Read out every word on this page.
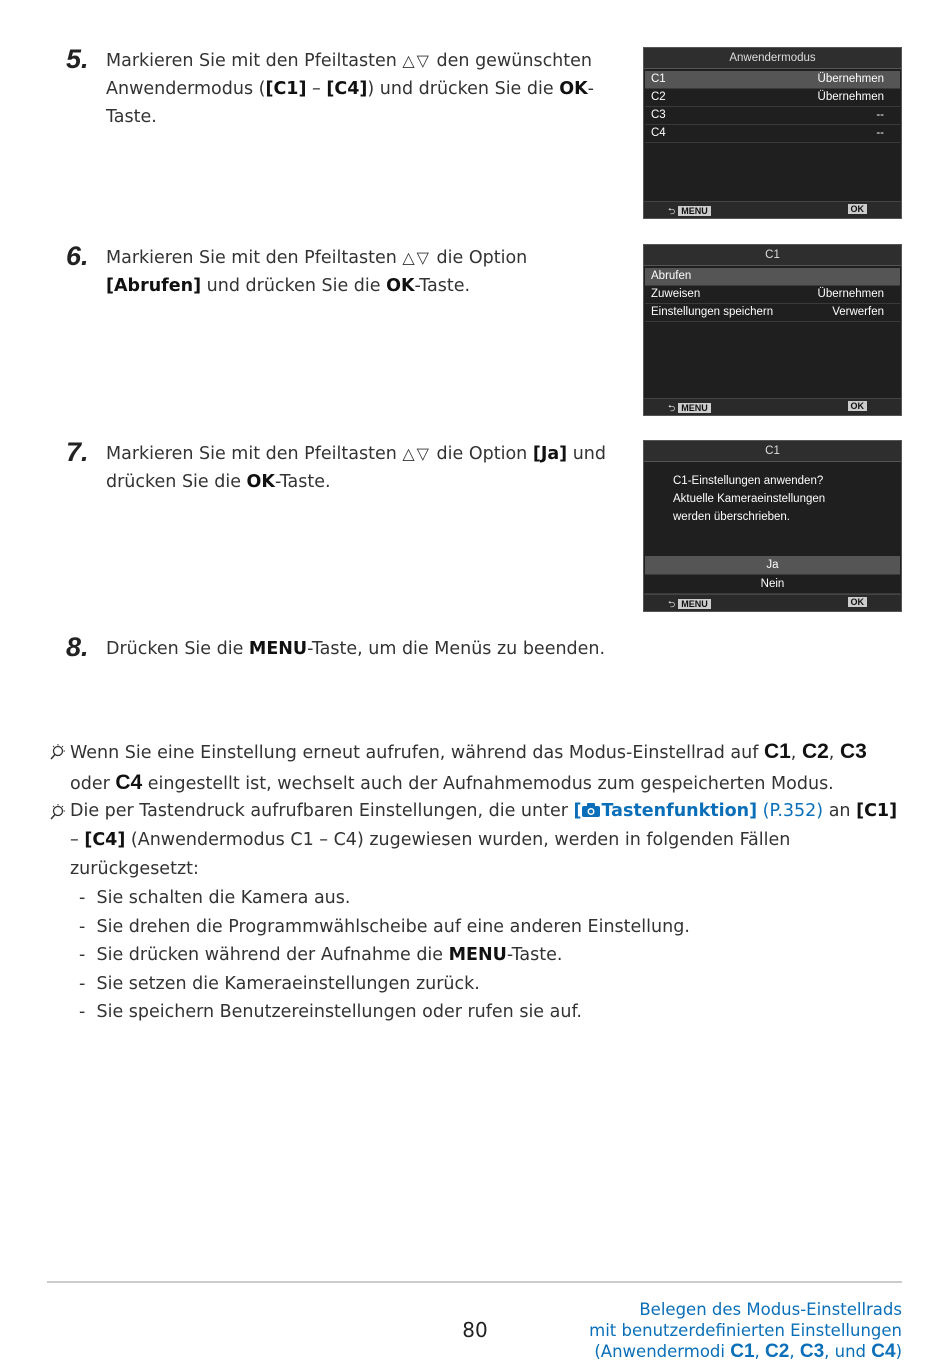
5. Markieren Sie mit den Pfeiltasten △▽ den gewünschten Anwendermodus ([C1] – [C4]) und drücken Sie die OK-Taste.
Anwendermodus
C1	Übernehmen
C2	Übernehmen
C3	--
C4	--
⮌ MENU	OK
6. Markieren Sie mit den Pfeiltasten △▽ die Option [Abrufen] und drücken Sie die OK-Taste.
C1
Abrufen
Zuweisen	Übernehmen
Einstellungen speichern	Verwerfen
⮌ MENU	OK
7. Markieren Sie mit den Pfeiltasten △▽ die Option [Ja] und drücken Sie die OK-Taste.
C1
C1-Einstellungen anwenden?
Aktuelle Kameraeinstellungen
werden überschrieben.
Ja
Nein
⮌ MENU	OK
8. Drücken Sie die MENU-Taste, um die Menüs zu beenden.
Wenn Sie eine Einstellung erneut aufrufen, während das Modus-Einstellrad auf C1, C2, C3 oder C4 eingestellt ist, wechselt auch der Aufnahmemodus zum gespeicherten Modus.
Die per Tastendruck aufrufbaren Einstellungen, die unter [ Tastenfunktion] (P.352) an [C1] – [C4] (Anwendermodus C1 – C4) zugewiesen wurden, werden in folgenden Fällen zurückgesetzt:
- Sie schalten die Kamera aus.
- Sie drehen die Programmwählscheibe auf eine anderen Einstellung.
- Sie drücken während der Aufnahme die MENU-Taste.
- Sie setzen die Kameraeinstellungen zurück.
- Sie speichern Benutzereinstellungen oder rufen sie auf.
80
Belegen des Modus-Einstellrads
mit benutzerdefinierten Einstellungen
(Anwendermodi C1, C2, C3, und C4)
